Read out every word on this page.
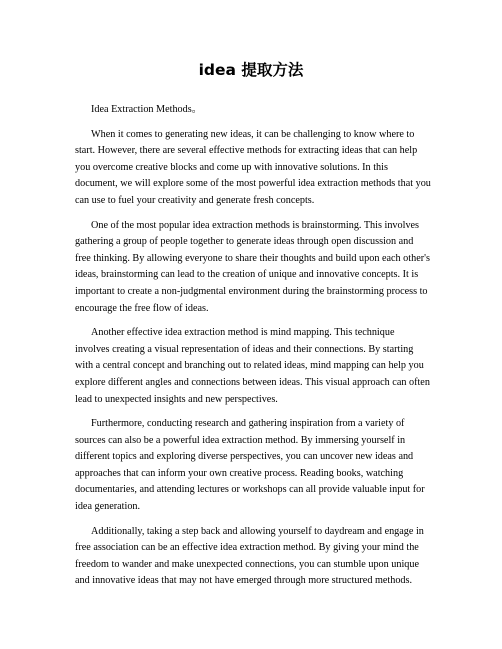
idea 提取方法

Idea Extraction Methods。

When it comes to generating new ideas, it can be challenging to know where to start. However, there are several effective methods for extracting ideas that can help you overcome creative blocks and come up with innovative solutions. In this document, we will explore some of the most powerful idea extraction methods that you can use to fuel your creativity and generate fresh concepts.

One of the most popular idea extraction methods is brainstorming. This involves gathering a group of people together to generate ideas through open discussion and free thinking. By allowing everyone to share their thoughts and build upon each other's ideas, brainstorming can lead to the creation of unique and innovative concepts. It is important to create a non-judgmental environment during the brainstorming process to encourage the free flow of ideas.

Another effective idea extraction method is mind mapping. This technique involves creating a visual representation of ideas and their connections. By starting with a central concept and branching out to related ideas, mind mapping can help you explore different angles and connections between ideas. This visual approach can often lead to unexpected insights and new perspectives.

Furthermore, conducting research and gathering inspiration from a variety of sources can also be a powerful idea extraction method. By immersing yourself in different topics and exploring diverse perspectives, you can uncover new ideas and approaches that can inform your own creative process. Reading books, watching documentaries, and attending lectures or workshops can all provide valuable input for idea generation.

Additionally, taking a step back and allowing yourself to daydream and engage in free association can be an effective idea extraction method. By giving your mind the freedom to wander and make unexpected connections, you can stumble upon unique and innovative ideas that may not have emerged through more structured methods.
